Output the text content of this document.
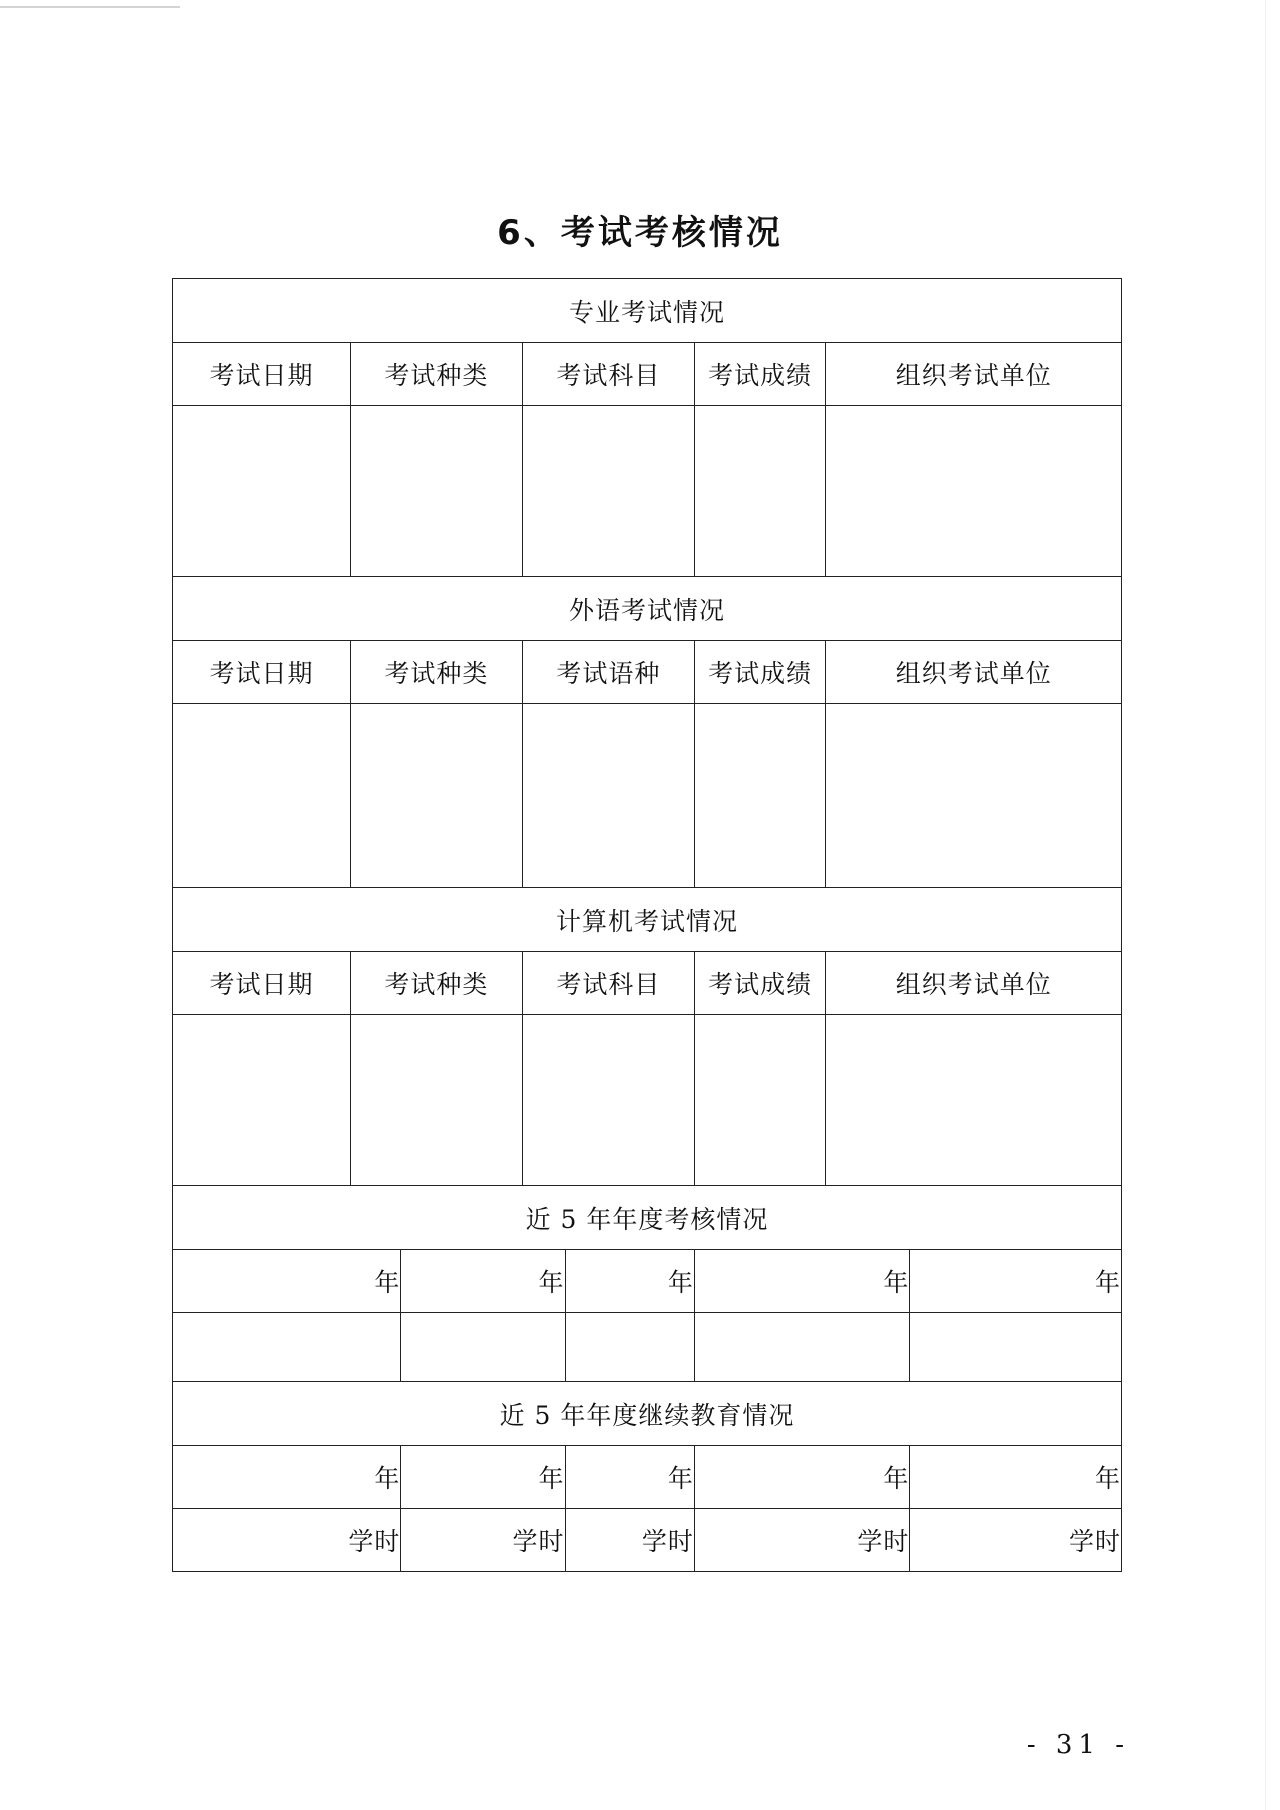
6、考试考核情况
专业考试情况							
考试日期	考试种类		考试科目		考试成绩	组织考试单位	

外语考试情况							
考试日期	考试种类		考试语种		考试成绩	组织考试单位	

计算机考试情况							
考试日期	考试种类		考试科目		考试成绩	组织考试单位	

近 5 年年度考核情况							
年		年		年	年		年

近 5 年年度继续教育情况							
年		年		年	年		年
学时		学时		学时	学时		学时
- 31 -
